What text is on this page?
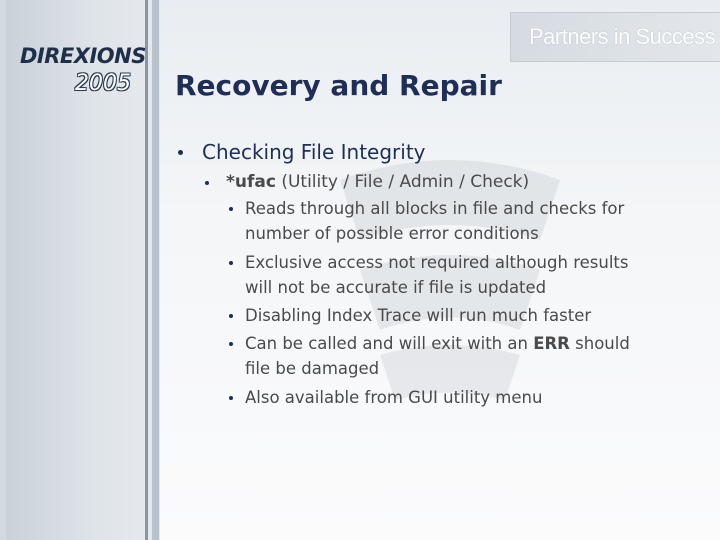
DIREXIONS
2005
Partners in Success
Recovery and Repair

Checking File Integrity

*ufac (Utility / File / Admin / Check)

Reads through all blocks in file and checks for

number of possible error conditions

Exclusive access not required although results

will not be accurate if file is updated

Disabling Index Trace will run much faster

Can be called and will exit with an ERR should

file be damaged

Also available from GUI utility menu
